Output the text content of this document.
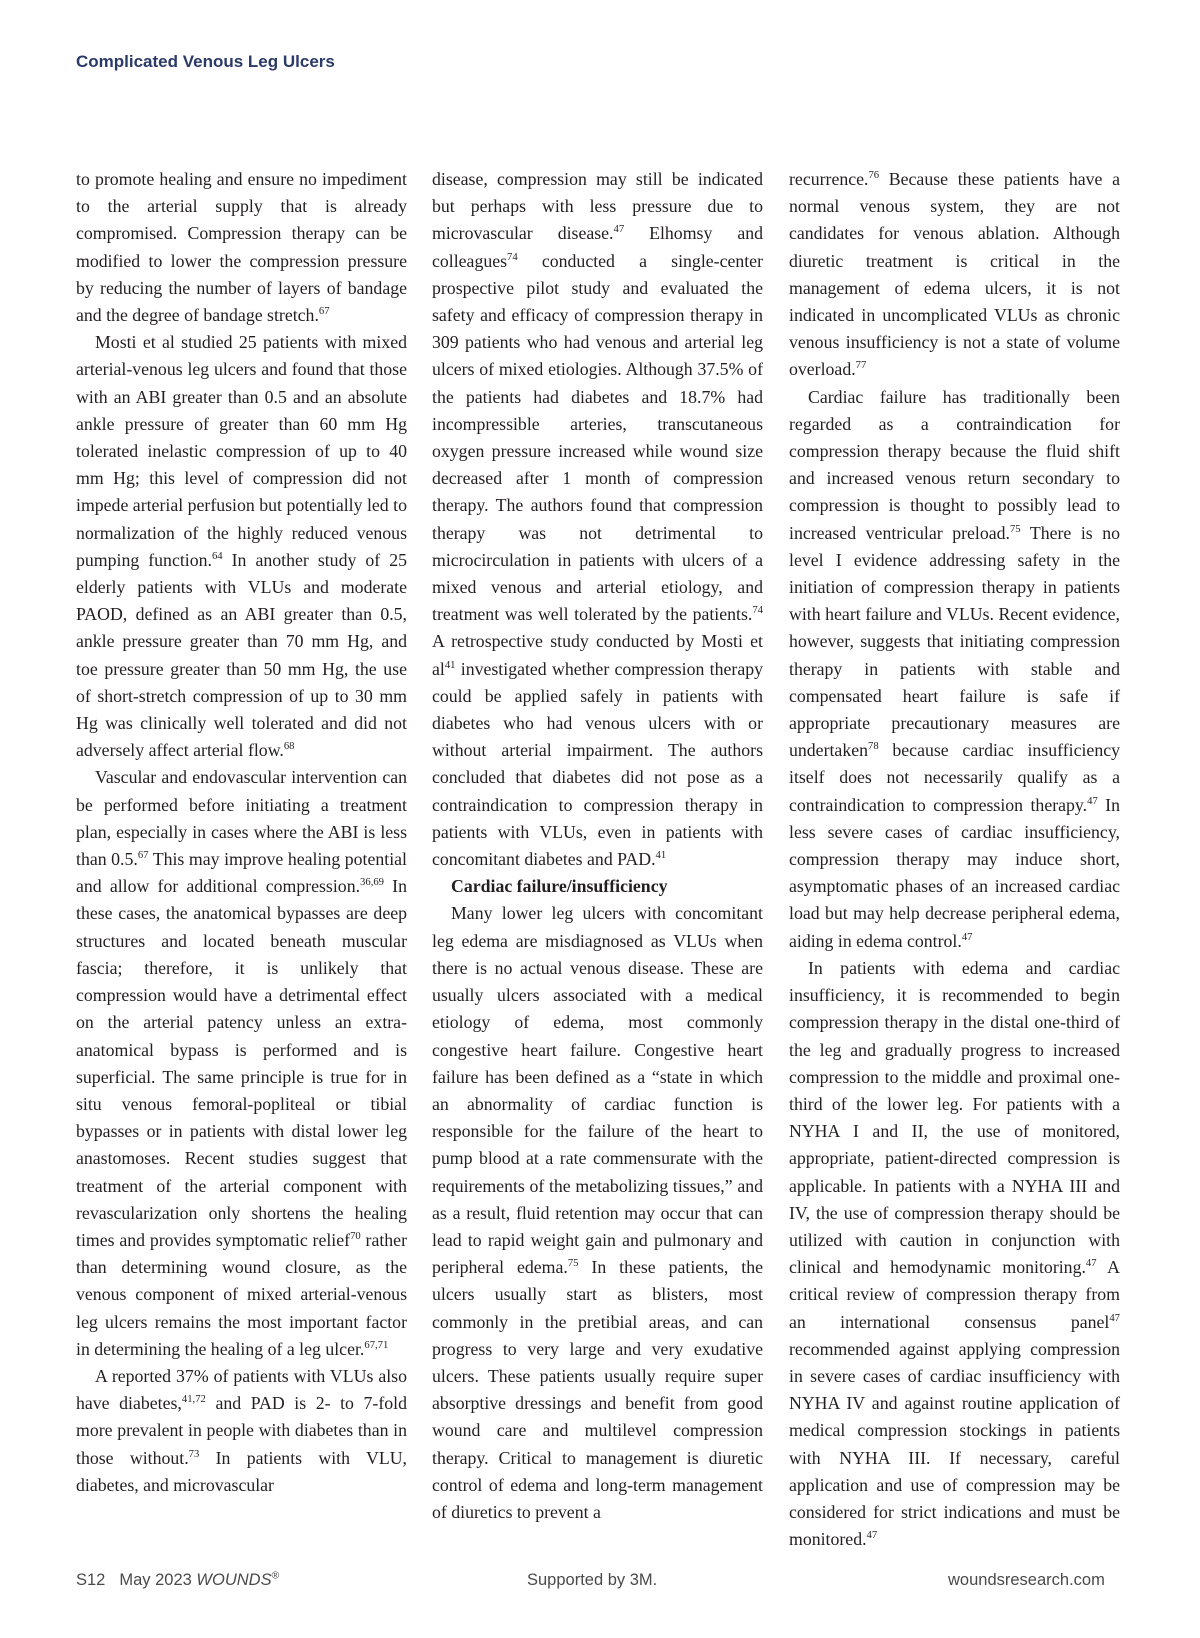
Complicated Venous Leg Ulcers

to promote healing and ensure no impediment to the arterial supply that is already compromised. Compression therapy can be modified to lower the compression pressure by reducing the number of layers of bandage and the degree of bandage stretch.$^{67}$

Mosti et al studied 25 patients with mixed arterial-venous leg ulcers and found that those with an ABI greater than 0.5 and an absolute ankle pressure of greater than 60 mm Hg tolerated inelastic compression of up to 40 mm Hg; this level of compression did not impede arterial perfusion but potentially led to normalization of the highly reduced venous pumping function.$^{64}$ In another study of 25 elderly patients with VLUs and moderate PAOD, defined as an ABI greater than 0.5, ankle pressure greater than 70 mm Hg, and toe pressure greater than 50 mm Hg, the use of short-stretch compression of up to 30 mm Hg was clinically well tolerated and did not adversely affect arterial flow.$^{68}$

Vascular and endovascular intervention can be performed before initiating a treatment plan, especially in cases where the ABI is less than 0.5.67 This may improve healing potential and allow for additional compression.$^{36,69}$ In these cases, the anatomical bypasses are deep structures and located beneath muscular fascia; therefore, it is unlikely that compression would have a detrimental effect on the arterial patency unless an extra-anatomical bypass is performed and is superficial. The same principle is true for in situ venous femoral-popliteal or tibial bypasses or in patients with distal lower leg anastomoses. Recent studies suggest that treatment of the arterial component with revascularization only shortens the healing times and provides symptomatic relief$^{70}$ rather than determining wound closure, as the venous component of mixed arterial-venous leg ulcers remains the most important factor in determining the healing of a leg ulcer.$^{67,71}$

A reported 37% of patients with VLUs also have diabetes,$^{41,72}$ and PAD is 2- to 7-fold more prevalent in people with diabetes than in those without.$^{73}$ In patients with VLU, diabetes, and microvascular

disease, compression may still be indicated but perhaps with less pressure due to microvascular disease.$^{47}$ Elhomsy and colleagues$^{74}$ conducted a single-center prospective pilot study and evaluated the safety and efficacy of compression therapy in 309 patients who had venous and arterial leg ulcers of mixed etiologies. Although 37.5% of the patients had diabetes and 18.7% had incompressible arteries, transcutaneous oxygen pressure increased while wound size decreased after 1 month of compression therapy. The authors found that compression therapy was not detrimental to microcirculation in patients with ulcers of a mixed venous and arterial etiology, and treatment was well tolerated by the patients.$^{74}$ A retrospective study conducted by Mosti et al$^{41}$ investigated whether compression therapy could be applied safely in patients with diabetes who had venous ulcers with or without arterial impairment. The authors concluded that diabetes did not pose as a contraindication to compression therapy in patients with VLUs, even in patients with concomitant diabetes and PAD.$^{41}$

Cardiac failure/insufficiency

Many lower leg ulcers with concomitant leg edema are misdiagnosed as VLUs when there is no actual venous disease. These are usually ulcers associated with a medical etiology of edema, most commonly congestive heart failure. Congestive heart failure has been defined as a “state in which an abnormality of cardiac function is responsible for the failure of the heart to pump blood at a rate commensurate with the requirements of the metabolizing tissues,” and as a result, fluid retention may occur that can lead to rapid weight gain and pulmonary and peripheral edema.$^{75}$ In these patients, the ulcers usually start as blisters, most commonly in the pretibial areas, and can progress to very large and very exudative ulcers. These patients usually require super absorptive dressings and benefit from good wound care and multilevel compression therapy. Critical to management is diuretic control of edema and long-term management of diuretics to prevent a

recurrence.$^{76}$ Because these patients have a normal venous system, they are not candidates for venous ablation. Although diuretic treatment is critical in the management of edema ulcers, it is not indicated in uncomplicated VLUs as chronic venous insufficiency is not a state of volume overload.$^{77}$

Cardiac failure has traditionally been regarded as a contraindication for compression therapy because the fluid shift and increased venous return secondary to compression is thought to possibly lead to increased ventricular preload.$^{75}$ There is no level I evidence addressing safety in the initiation of compression therapy in patients with heart failure and VLUs. Recent evidence, however, suggests that initiating compression therapy in patients with stable and compensated heart failure is safe if appropriate precautionary measures are undertaken$^{78}$ because cardiac insufficiency itself does not necessarily qualify as a contraindication to compression therapy.$^{47}$ In less severe cases of cardiac insufficiency, compression therapy may induce short, asymptomatic phases of an increased cardiac load but may help decrease peripheral edema, aiding in edema control.$^{47}$

In patients with edema and cardiac insufficiency, it is recommended to begin compression therapy in the distal one-third of the leg and gradually progress to increased compression to the middle and proximal one-third of the lower leg. For patients with a NYHA I and II, the use of monitored, appropriate, patient-directed compression is applicable. In patients with a NYHA III and IV, the use of compression therapy should be utilized with caution in conjunction with clinical and hemodynamic monitoring.$^{47}$ A critical review of compression therapy from an international consensus panel$^{47}$ recommended against applying compression in severe cases of cardiac insufficiency with NYHA IV and against routine application of medical compression stockings in patients with NYHA III. If necessary, careful application and use of compression may be considered for strict indications and must be monitored.$^{47}$

S12 May 2023 WOUNDS®	Supported by 3M.	woundsresearch.com
